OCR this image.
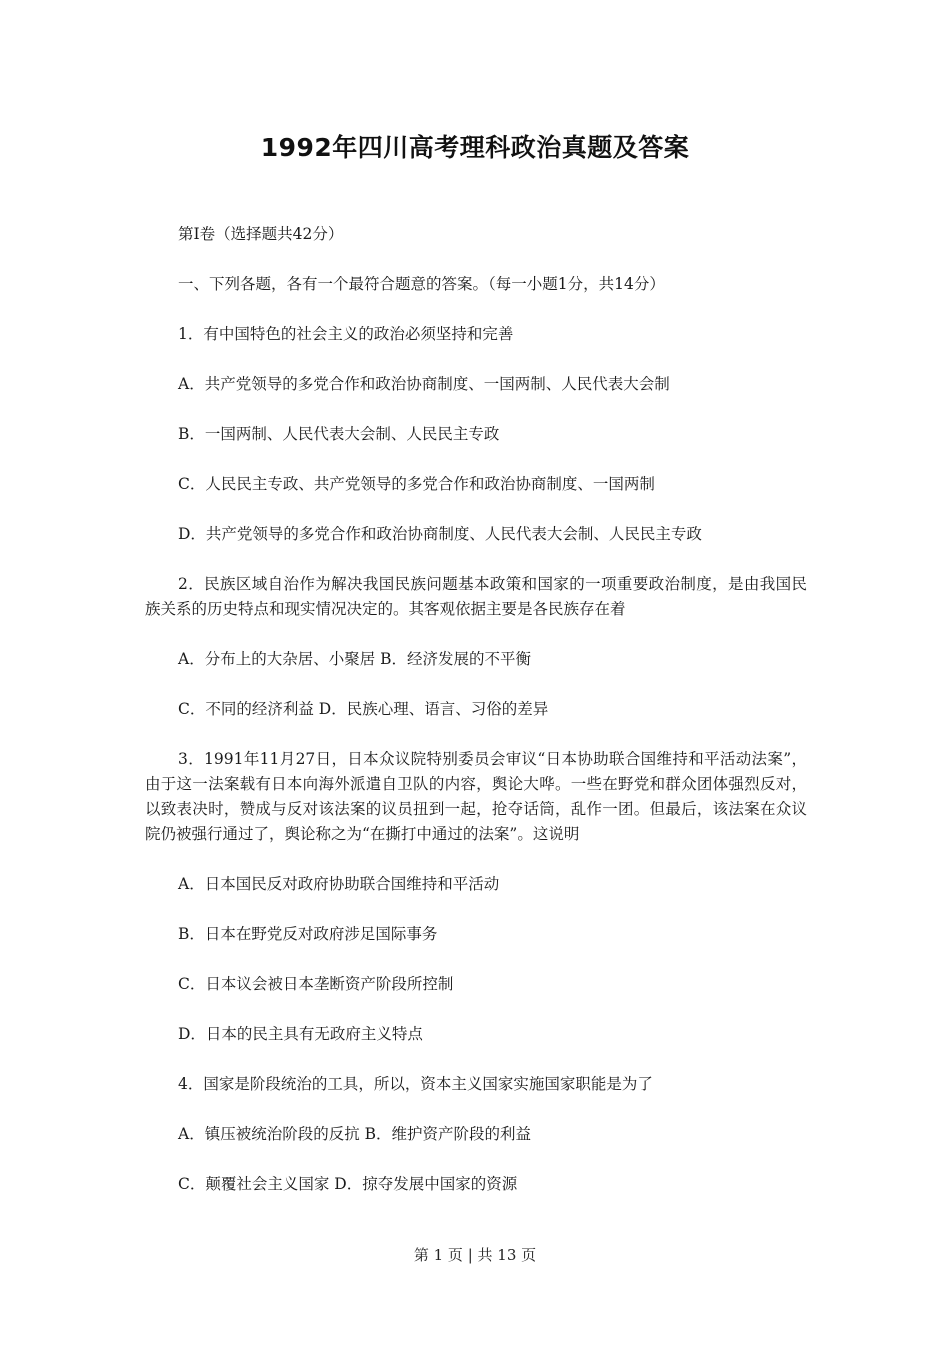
1992年四川高考理科政治真题及答案

第I卷（选择题共42分）

一、下列各题，各有一个最符合题意的答案。（每一小题1分，共14分）

1．有中国特色的社会主义的政治必须坚持和完善

A．共产党领导的多党合作和政治协商制度、一国两制、人民代表大会制

B．一国两制、人民代表大会制、人民民主专政

C．人民民主专政、共产党领导的多党合作和政治协商制度、一国两制

D．共产党领导的多党合作和政治协商制度、人民代表大会制、人民民主专政

2．民族区域自治作为解决我国民族问题基本政策和国家的一项重要政治制度，是由我国民族关系的历史特点和现实情况决定的。其客观依据主要是各民族存在着

A．分布上的大杂居、小聚居 B．经济发展的不平衡

C．不同的经济利益 D．民族心理、语言、习俗的差异

3．1991年11月27日，日本众议院特别委员会审议“日本协助联合国维持和平活动法案”，由于这一法案载有日本向海外派遣自卫队的内容，舆论大哗。一些在野党和群众团体强烈反对，以致表决时，赞成与反对该法案的议员扭到一起，抢夺话筒，乱作一团。但最后，该法案在众议院仍被强行通过了，舆论称之为“在撕打中通过的法案”。这说明

A．日本国民反对政府协助联合国维持和平活动

B．日本在野党反对政府涉足国际事务

C．日本议会被日本垄断资产阶段所控制

D．日本的民主具有无政府主义特点

4．国家是阶段统治的工具，所以，资本主义国家实施国家职能是为了

A．镇压被统治阶段的反抗 B．维护资产阶段的利益

C．颠覆社会主义国家 D．掠夺发展中国家的资源

第 1 页 | 共 13 页
